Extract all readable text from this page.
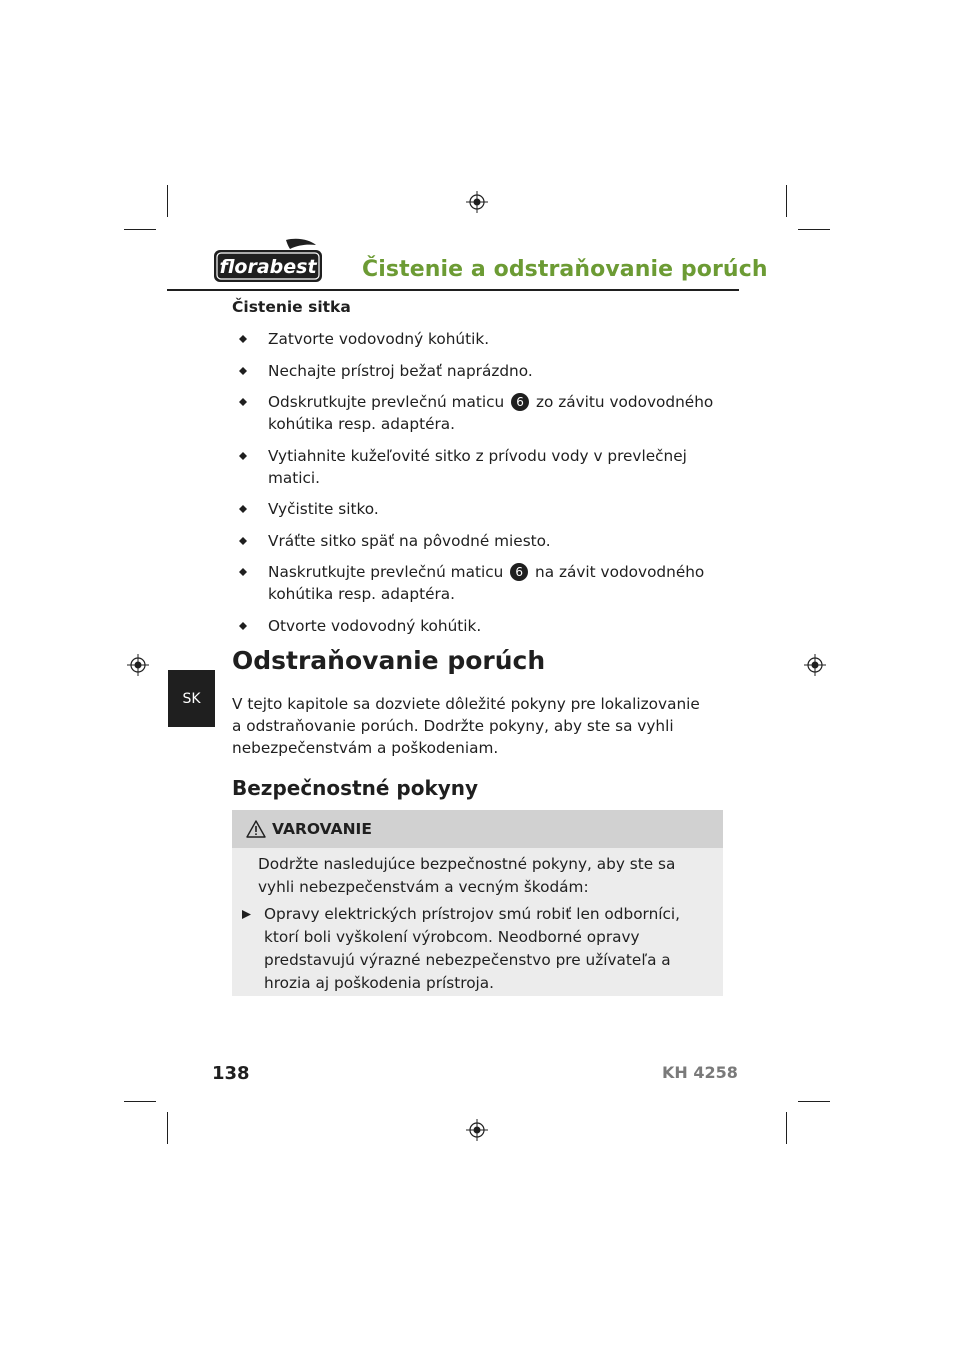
florabest Čistenie a odstraňovanie porúch
Čistenie sitka
Zatvorte vodovodný kohútik.
Nechajte prístroj bežať naprázdno.
Odskrutkujte prevlečnú maticu 6 zo závitu vodovodného kohútika resp. adaptéra.
Vytiahnite kužeľovité sitko z prívodu vody v prevlečnej matici.
Vyčistite sitko.
Vráťte sitko späť na pôvodné miesto.
Naskrutkujte prevlečnú maticu 6 na závit vodovodného kohútika resp. adaptéra.
Otvorte vodovodný kohútik.
SK
Odstraňovanie porúch
V tejto kapitole sa dozviete dôležité pokyny pre lokalizovanie a odstraňovanie porúch. Dodržte pokyny, aby ste sa vyhli nebezpečenstvám a poškodeniam.
Bezpečnostné pokyny
VAROVANIE
Dodržte nasledujúce bezpečnostné pokyny, aby ste sa vyhli nebezpečenstvám a vecným škodám:
Opravy elektrických prístrojov smú robiť len odborníci, ktorí boli vyškolení výrobcom. Neodborné opravy predstavujú výrazné nebezpečenstvo pre užívateľa a hrozia aj poškodenia prístroja.
138	KH 4258
